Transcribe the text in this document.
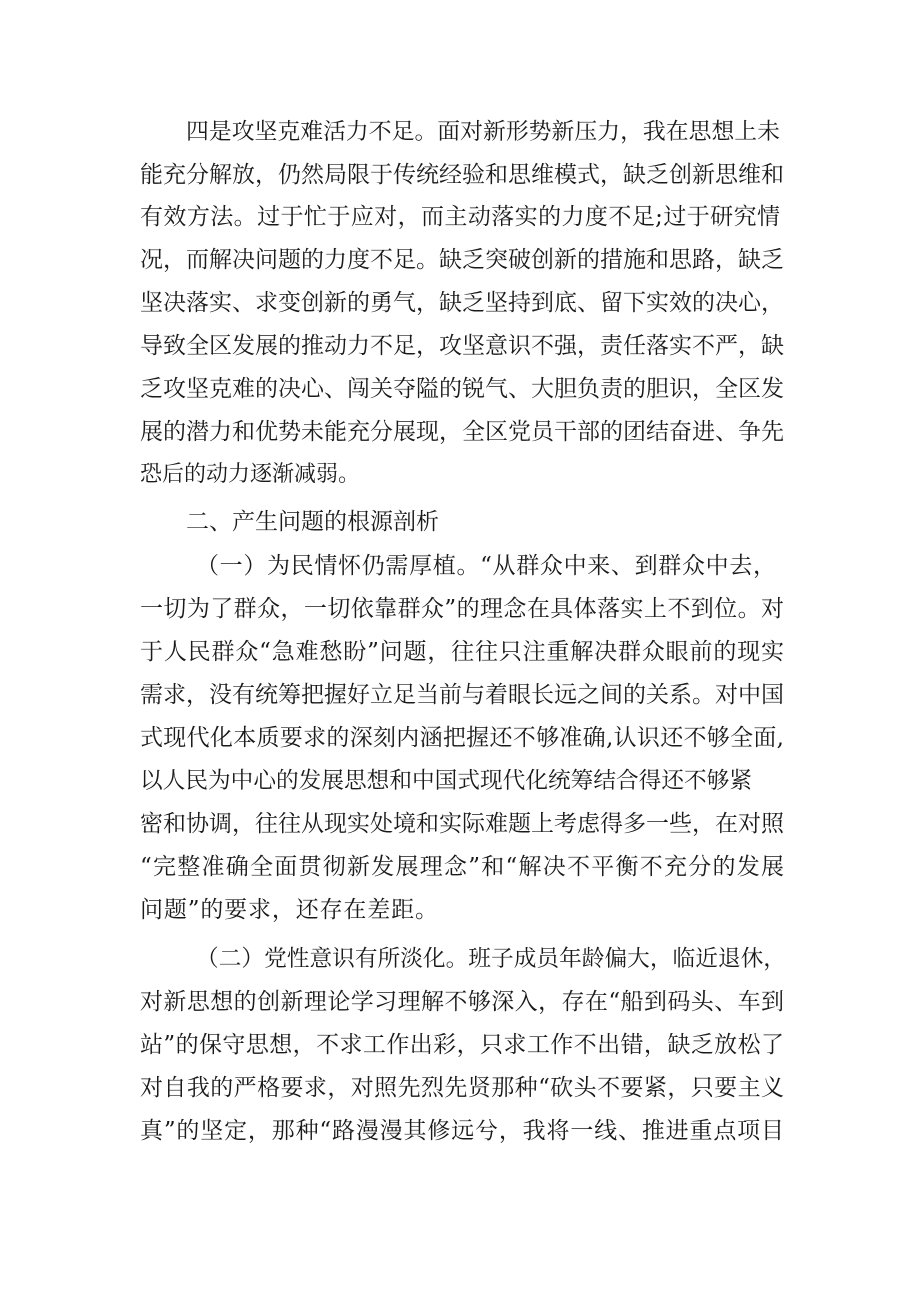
四是攻坚克难活力不足。面对新形势新压力，我在思想上未
能充分解放，仍然局限于传统经验和思维模式，缺乏创新思维和
有效方法。过于忙于应对，而主动落实的力度不足;过于研究情
况，而解决问题的力度不足。缺乏突破创新的措施和思路，缺乏
坚决落实、求变创新的勇气，缺乏坚持到底、留下实效的决心，
导致全区发展的推动力不足，攻坚意识不强，责任落实不严，缺
乏攻坚克难的决心、闯关夺隘的锐气、大胆负责的胆识，全区发
展的潜力和优势未能充分展现，全区党员干部的团结奋进、争先
恐后的动力逐渐减弱。
二、产生问题的根源剖析
（一）为民情怀仍需厚植。“从群众中来、到群众中去，
一切为了群众，一切依靠群众”的理念在具体落实上不到位。对
于人民群众“急难愁盼”问题，往往只注重解决群众眼前的现实
需求，没有统筹把握好立足当前与着眼长远之间的关系。对中国
式现代化本质要求的深刻内涵把握还不够准确,认识还不够全面,
以人民为中心的发展思想和中国式现代化统筹结合得还不够紧
密和协调，往往从现实处境和实际难题上考虑得多一些，在对照
“完整准确全面贯彻新发展理念”和“解决不平衡不充分的发展
问题”的要求，还存在差距。
（二）党性意识有所淡化。班子成员年龄偏大，临近退休，
对新思想的创新理论学习理解不够深入，存在“船到码头、车到
站”的保守思想，不求工作出彩，只求工作不出错，缺乏放松了
对自我的严格要求，对照先烈先贤那种“砍头不要紧，只要主义
真”的坚定，那种“路漫漫其修远兮，我将一线、推进重点项目
